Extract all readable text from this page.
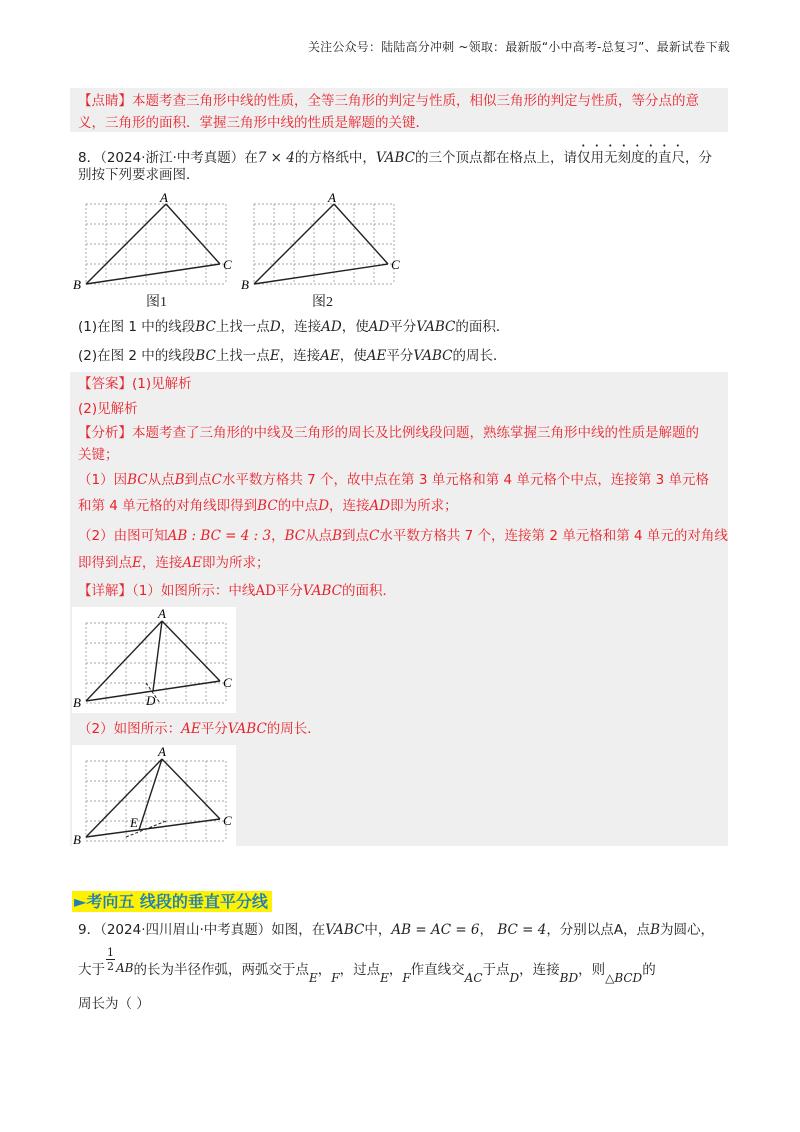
关注公众号：陆陆高分冲刺 ~领取：最新版“小中高考-总复习”、最新试卷下载
【点睛】本题考查三角形中线的性质，全等三角形的判定与性质，相似三角形的判定与性质，等分点的意
义，三角形的面积．掌握三角形中线的性质是解题的关键．
8．（2024·浙江·中考真题）在7 × 4的方格纸中，VABC的三个顶点都在格点上，请仅用无刻度的直尺，分
别按下列要求画图．
A
B
C
图1
A
B
C
图2
(1)在图 1 中的线段BC上找一点D，连接AD，使AD平分VABC的面积．
(2)在图 2 中的线段BC上找一点E，连接AE，使AE平分VABC的周长．
【答案】(1)见解析
(2)见解析
【分析】本题考查了三角形的中线及三角形的周长及比例线段问题，熟练掌握三角形中线的性质是解题的
关键；
（1）因BC从点B到点C水平数方格共 7 个，故中点在第 3 单元格和第 4 单元格个中点，连接第 3 单元格
和第 4 单元格的对角线即得到BC的中点D，连接AD即为所求；
（2）由图可知AB : BC = 4 : 3，BC从点B到点C水平数方格共 7 个，连接第 2 单元格和第 4 单元的对角线
即得到点E，连接AE即为所求；
【详解】（1）如图所示：中线AD平分VABC的面积．
A
B
C
D
（2）如图所示：AE平分VABC的周长．
A
B
C
E
►考向五 线段的垂直平分线
9．（2024·四川眉山·中考真题）如图，在VABC中，AB = AC = 6， BC = 4，分别以点A，点B为圆心，
大于 $\frac{1}{2}$ AB的长为半径作弧，两弧交于点E，F，过点E，F作直线交AC于点D，连接BD，则△BCD的
周长为（ ）
